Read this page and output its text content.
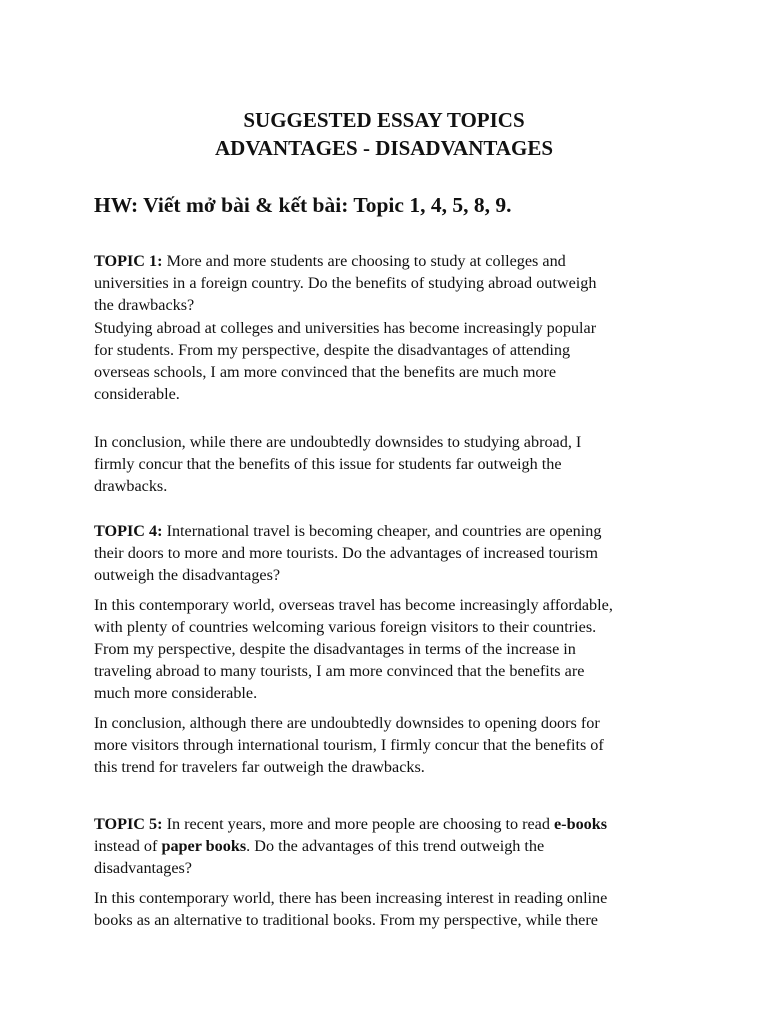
SUGGESTED ESSAY TOPICS
ADVANTAGES - DISADVANTAGES
HW: Viết mở bài & kết bài: Topic 1, 4, 5, 8, 9.

TOPIC 1: More and more students are choosing to study at colleges and
universities in a foreign country. Do the benefits of studying abroad outweigh
the drawbacks?

Studying abroad at colleges and universities has become increasingly popular
for students. From my perspective, despite the disadvantages of attending
overseas schools, I am more convinced that the benefits are much more
considerable.

In conclusion, while there are undoubtedly downsides to studying abroad, I
firmly concur that the benefits of this issue for students far outweigh the
drawbacks.

TOPIC 4: International travel is becoming cheaper, and countries are opening
their doors to more and more tourists. Do the advantages of increased tourism
outweigh the disadvantages?

In this contemporary world, overseas travel has become increasingly affordable,
with plenty of countries welcoming various foreign visitors to their countries.
From my perspective, despite the disadvantages in terms of the increase in
traveling abroad to many tourists, I am more convinced that the benefits are
much more considerable.

In conclusion, although there are undoubtedly downsides to opening doors for
more visitors through international tourism, I firmly concur that the benefits of
this trend for travelers far outweigh the drawbacks.

TOPIC 5: In recent years, more and more people are choosing to read e-books
instead of paper books. Do the advantages of this trend outweigh the
disadvantages?

In this contemporary world, there has been increasing interest in reading online
books as an alternative to traditional books. From my perspective, while there
